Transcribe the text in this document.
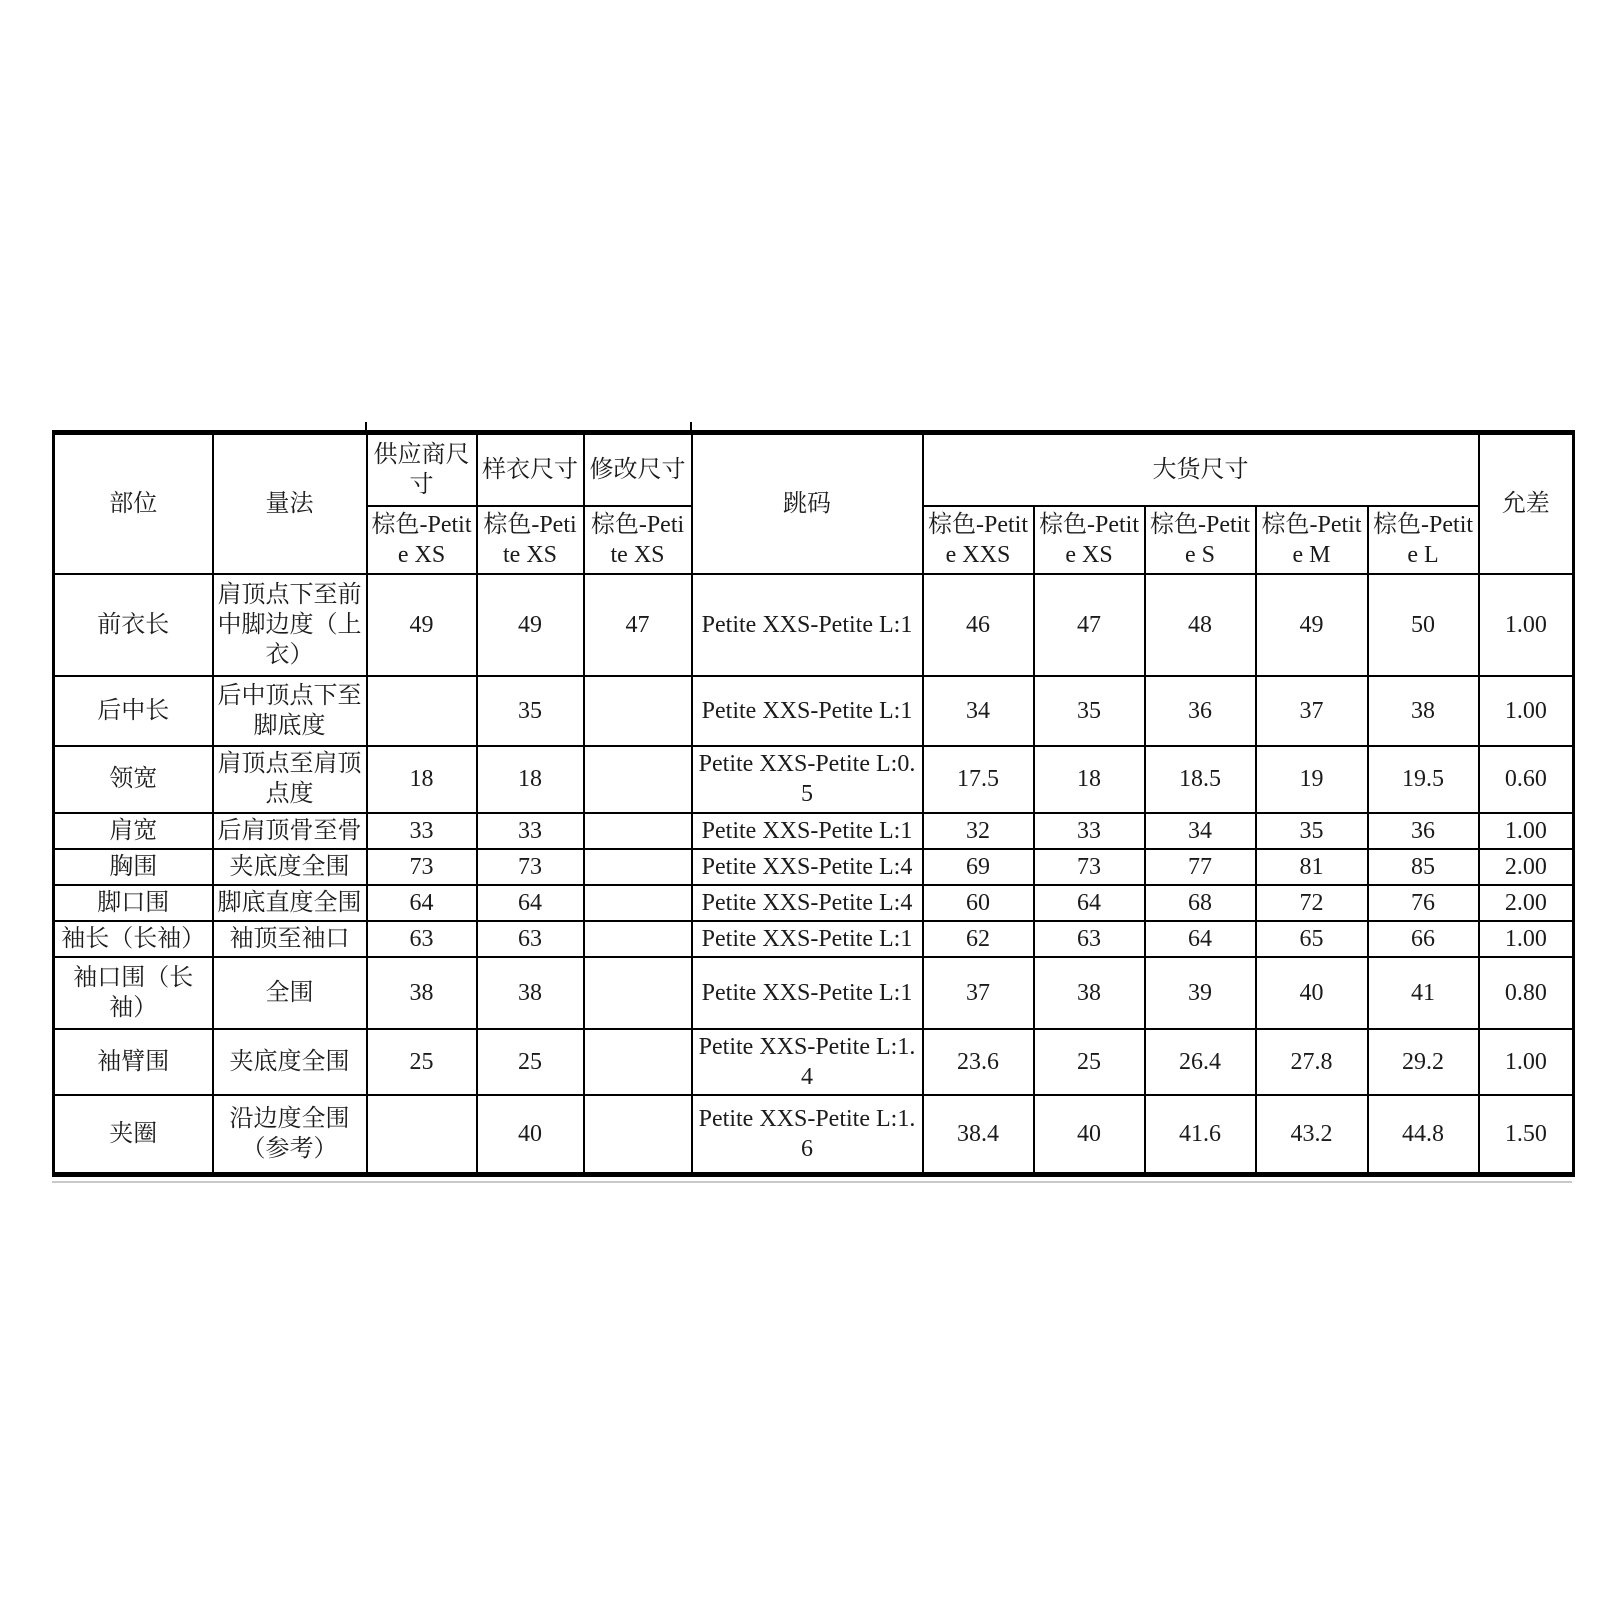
部位	量法	供应商尺寸	样衣尺寸	修改尺寸	跳码	大货尺寸					允差
		棕色-Petite XS	棕色-Petite XS	棕色-Petite XS		棕色-Petite XXS	棕色-Petite XS	棕色-Petite S	棕色-Petite M	棕色-Petite L	
前衣长	肩顶点下至前中脚边度（上衣）	49	49	47	Petite XXS-Petite L:1	46	47	48	49	50	1.00
后中长	后中顶点下至脚底度		35		Petite XXS-Petite L:1	34	35	36	37	38	1.00
领宽	肩顶点至肩顶点度	18	18		Petite XXS-Petite L:0.5	17.5	18	18.5	19	19.5	0.60
肩宽	后肩顶骨至骨	33	33		Petite XXS-Petite L:1	32	33	34	35	36	1.00
胸围	夹底度全围	73	73		Petite XXS-Petite L:4	69	73	77	81	85	2.00
脚口围	脚底直度全围	64	64		Petite XXS-Petite L:4	60	64	68	72	76	2.00
袖长（长袖）	袖顶至袖口	63	63		Petite XXS-Petite L:1	62	63	64	65	66	1.00
袖口围（长袖）	全围	38	38		Petite XXS-Petite L:1	37	38	39	40	41	0.80
袖臂围	夹底度全围	25	25		Petite XXS-Petite L:1.4	23.6	25	26.4	27.8	29.2	1.00
夹圈	沿边度全围（参考）		40		Petite XXS-Petite L:1.6	38.4	40	41.6	43.2	44.8	1.50
